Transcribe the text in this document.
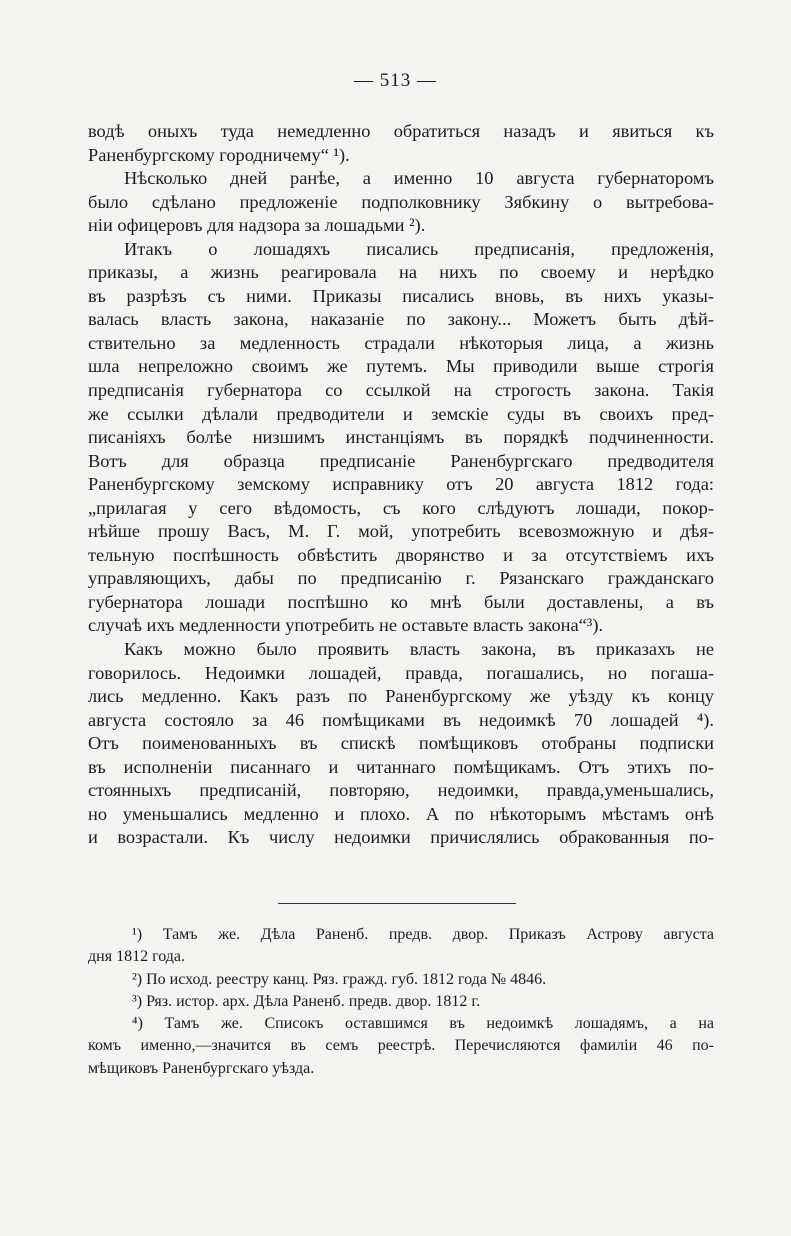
— 513 —
водѣ оныхъ туда немедленно обратиться назадъ и явиться къ
Раненбургскому городничему“ ¹).
Нѣсколько дней ранѣе, а именно 10 августа губернаторомъ
было сдѣлано предложеніе подполковнику Зябкину о вытребова-
ніи офицеровъ для надзора за лошадьми ²).
Итакъ о лошадяхъ писались предписанія, предложенія,
приказы, а жизнь реагировала на нихъ по своему и нерѣдко
въ разрѣзъ съ ними. Приказы писались вновь, въ нихъ указы-
валась власть закона, наказаніе по закону... Можетъ быть дѣй-
ствительно за медленность страдали нѣкоторыя лица, а жизнь
шла непреложно своимъ же путемъ. Мы приводили выше строгія
предписанія губернатора со ссылкой на строгость закона. Такія
же ссылки дѣлали предводители и земскіе суды въ своихъ пред-
писаніяхъ болѣе низшимъ инстанціямъ въ порядкѣ подчиненности.
Вотъ для образца предписаніе Раненбургскаго предводителя
Раненбургскому земскому исправнику отъ 20 августа 1812 года:
„прилагая у сего вѣдомость, съ кого слѣдуютъ лошади, покор-
нѣйше прошу Васъ, М. Г. мой, употребить всевозможную и дѣя-
тельную поспѣшность обвѣстить дворянство и за отсутствіемъ ихъ
управляющихъ, дабы по предписанію г. Рязанскаго гражданскаго
губернатора лошади поспѣшно ко мнѣ были доставлены, а въ
случаѣ ихъ медленности употребить не оставьте власть закона“³).
Какъ можно было проявить власть закона, въ приказахъ не
говорилось. Недоимки лошадей, правда, погашались, но погаша-
лись медленно. Какъ разъ по Раненбургскому же уѣзду къ концу
августа состояло за 46 помѣщиками въ недоимкѣ 70 лошадей ⁴).
Отъ поименованныхъ въ спискѣ помѣщиковъ отобраны подписки
въ исполненіи писаннаго и читаннаго помѣщикамъ. Отъ этихъ по-
стоянныхъ предписаній, повторяю, недоимки, правда,уменьшались,
но уменьшались медленно и плохо. А по нѣкоторымъ мѣстамъ онѣ
и возрастали. Къ числу недоимки причислялись обракованныя по-
¹) Тамъ же. Дѣла Раненб. предв. двор. Приказъ Астрову августа
дня 1812 года.
²) По исход. реестру канц. Ряз. гражд. губ. 1812 года № 4846.
³) Ряз. истор. арх. Дѣла Раненб. предв. двор. 1812 г.
⁴) Тамъ же. Списокъ оставшимся въ недоимкѣ лошадямъ, а на
комъ именно,—значится въ семъ реестрѣ. Перечисляются фамиліи 46 по-
мѣщиковъ Раненбургскаго уѣзда.
